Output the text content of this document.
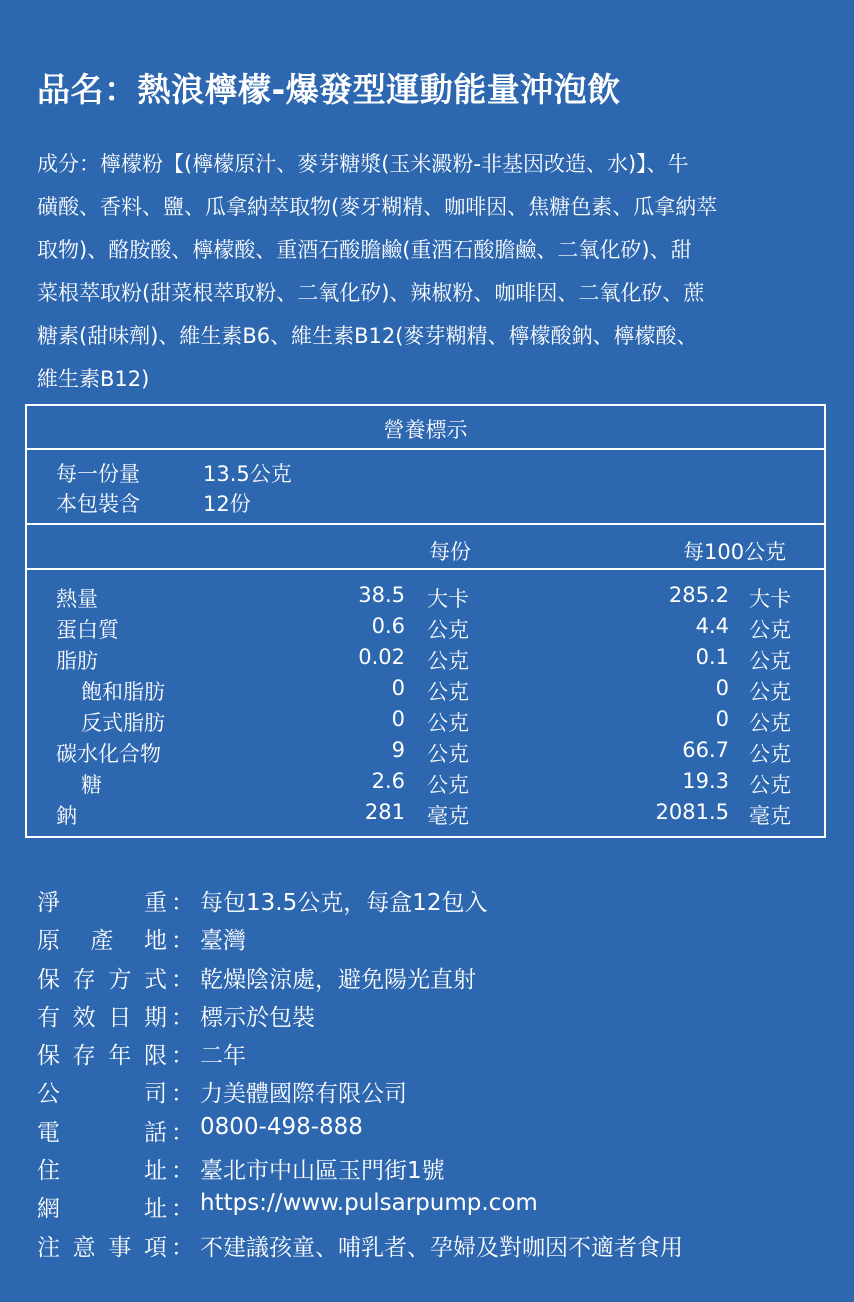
品名：熱浪檸檬-爆發型運動能量沖泡飲
成分：檸檬粉【(檸檬原汁、麥芽糖漿(玉米澱粉-非基因改造、水)】、牛
磺酸、香料、鹽、瓜拿納萃取物(麥牙糊精、咖啡因、焦糖色素、瓜拿納萃
取物)、酪胺酸、檸檬酸、重酒石酸膽鹼(重酒石酸膽鹼、二氧化矽)、甜
菜根萃取粉(甜菜根萃取粉、二氧化矽)、辣椒粉、咖啡因、二氧化矽、蔗
糖素(甜味劑)、維生素B6、維生素B12(麥芽糊精、檸檬酸鈉、檸檬酸、
維生素B12)
營養標示
每一份量	13.5公克
本包裝含	12份
每份	每100公克
熱量	38.5 大卡	285.2 大卡
蛋白質	0.6 公克	4.4 公克
脂肪	0.02 公克	0.1 公克
飽和脂肪	0 公克	0 公克
反式脂肪	0 公克	0 公克
碳水化合物	9 公克	66.7 公克
糖	2.6 公克	19.3 公克
鈉	281 毫克	2081.5 毫克
淨	重 ： 每包13.5公克，每盒12包入
原 產 地 ： 臺灣
保 存 方 式 ： 乾燥陰涼處，避免陽光直射
有 效 日 期 ： 標示於包裝
保 存 年 限 ： 二年
公	司 ： 力美體國際有限公司
電	話 ： 0800-498-888
住	址 ： 臺北市中山區玉門街1號
網	址 ： https://www.pulsarpump.com
注 意 事 項 ： 不建議孩童、哺乳者、孕婦及對咖因不適者食用
